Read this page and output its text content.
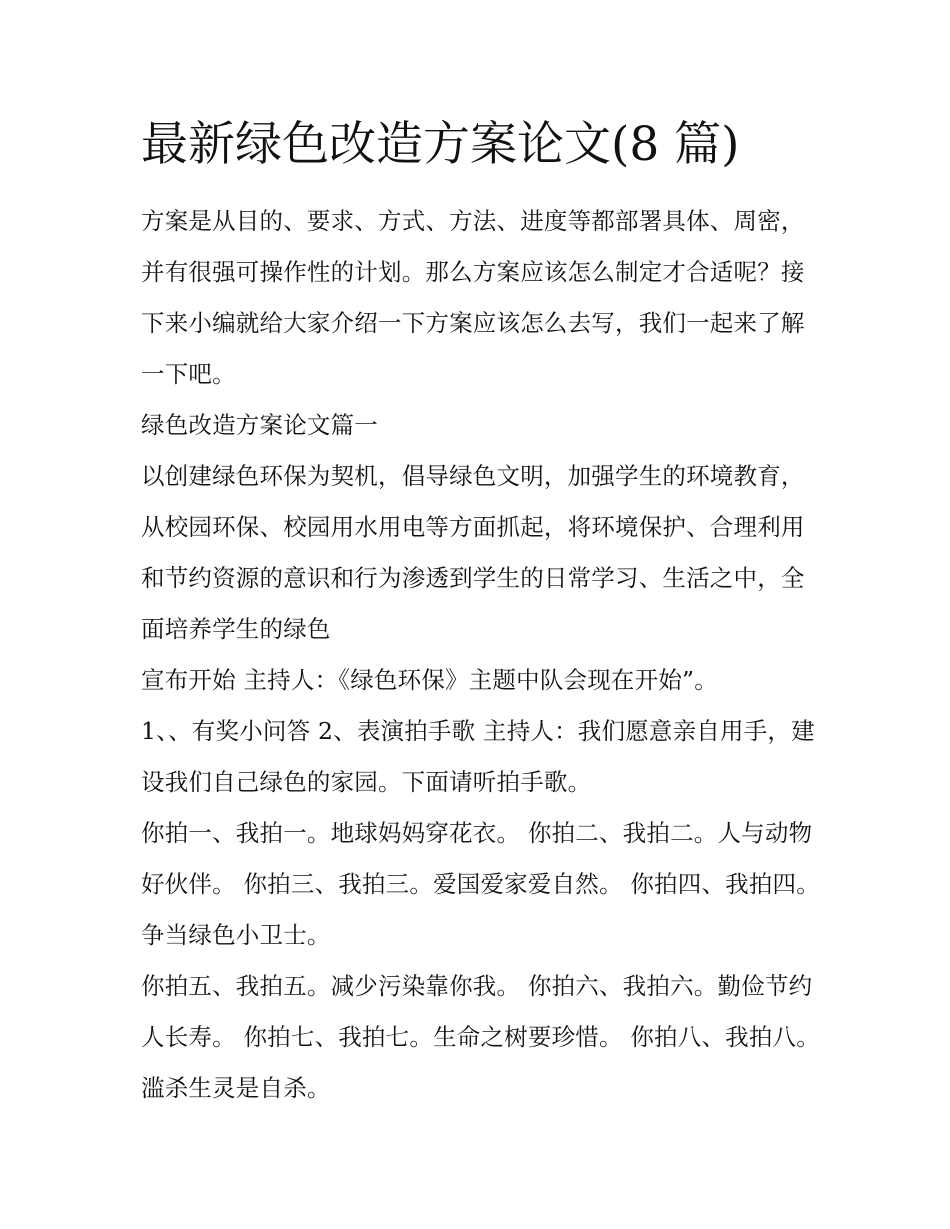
最新绿色改造方案论文(8 篇)

方案是从目的、要求、方式、方法、进度等都部署具体、周密，并有很强可操作性的计划。那么方案应该怎么制定才合适呢？接下来小编就给大家介绍一下方案应该怎么去写，我们一起来了解一下吧。

绿色改造方案论文篇一

以创建绿色环保为契机，倡导绿色文明，加强学生的环境教育，从校园环保、校园用水用电等方面抓起，将环境保护、合理利用和节约资源的意识和行为渗透到学生的日常学习、生活之中，全面培养学生的绿色

宣布开始 主持人：《绿色环保》主题中队会现在开始”。

1、、有奖小问答 2、表演拍手歌 主持人：我们愿意亲自用手，建设我们自己绿色的家园。下面请听拍手歌。

你拍一、我拍一。地球妈妈穿花衣。 你拍二、我拍二。人与动物好伙伴。 你拍三、我拍三。爱国爱家爱自然。 你拍四、我拍四。争当绿色小卫士。

你拍五、我拍五。减少污染靠你我。 你拍六、我拍六。勤俭节约人长寿。 你拍七、我拍七。生命之树要珍惜。 你拍八、我拍八。滥杀生灵是自杀。
